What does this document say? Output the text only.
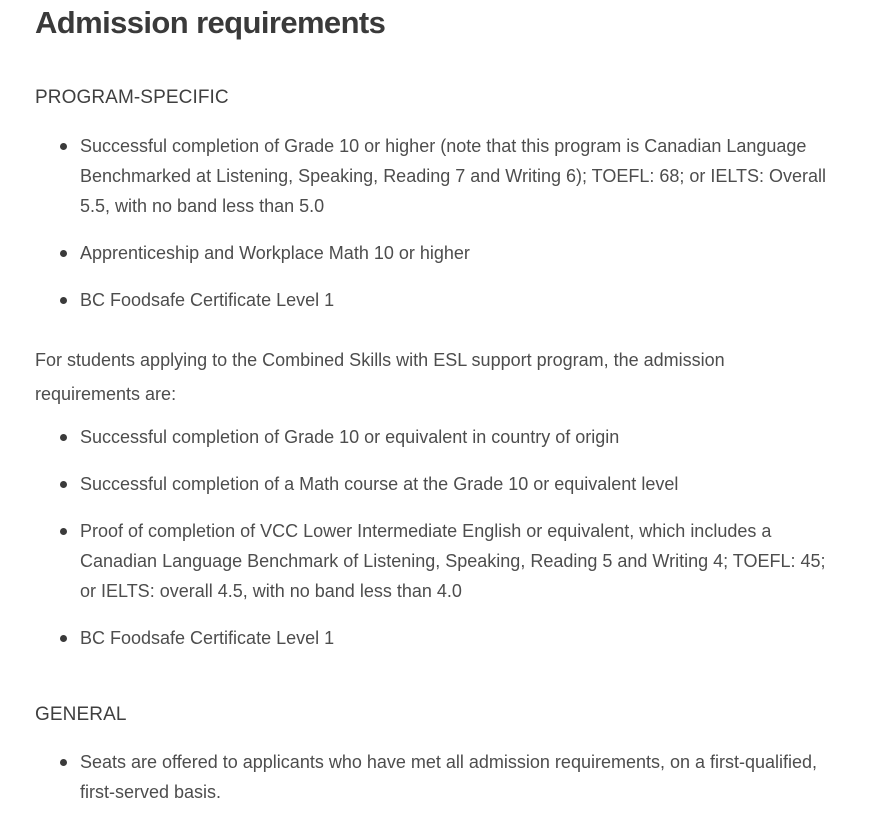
Admission requirements
PROGRAM-SPECIFIC
Successful completion of Grade 10 or higher (note that this program is Canadian Language Benchmarked at Listening, Speaking, Reading 7 and Writing 6); TOEFL: 68; or IELTS: Overall 5.5, with no band less than 5.0
Apprenticeship and Workplace Math 10 or higher
BC Foodsafe Certificate Level 1

For students applying to the Combined Skills with ESL support program, the admission requirements are:

Successful completion of Grade 10 or equivalent in country of origin
Successful completion of a Math course at the Grade 10 or equivalent level
Proof of completion of VCC Lower Intermediate English or equivalent, which includes a Canadian Language Benchmark of Listening, Speaking, Reading 5 and Writing 4; TOEFL: 45; or IELTS: overall 4.5, with no band less than 4.0
BC Foodsafe Certificate Level 1
GENERAL
Seats are offered to applicants who have met all admission requirements, on a first-qualified, first-served basis.
